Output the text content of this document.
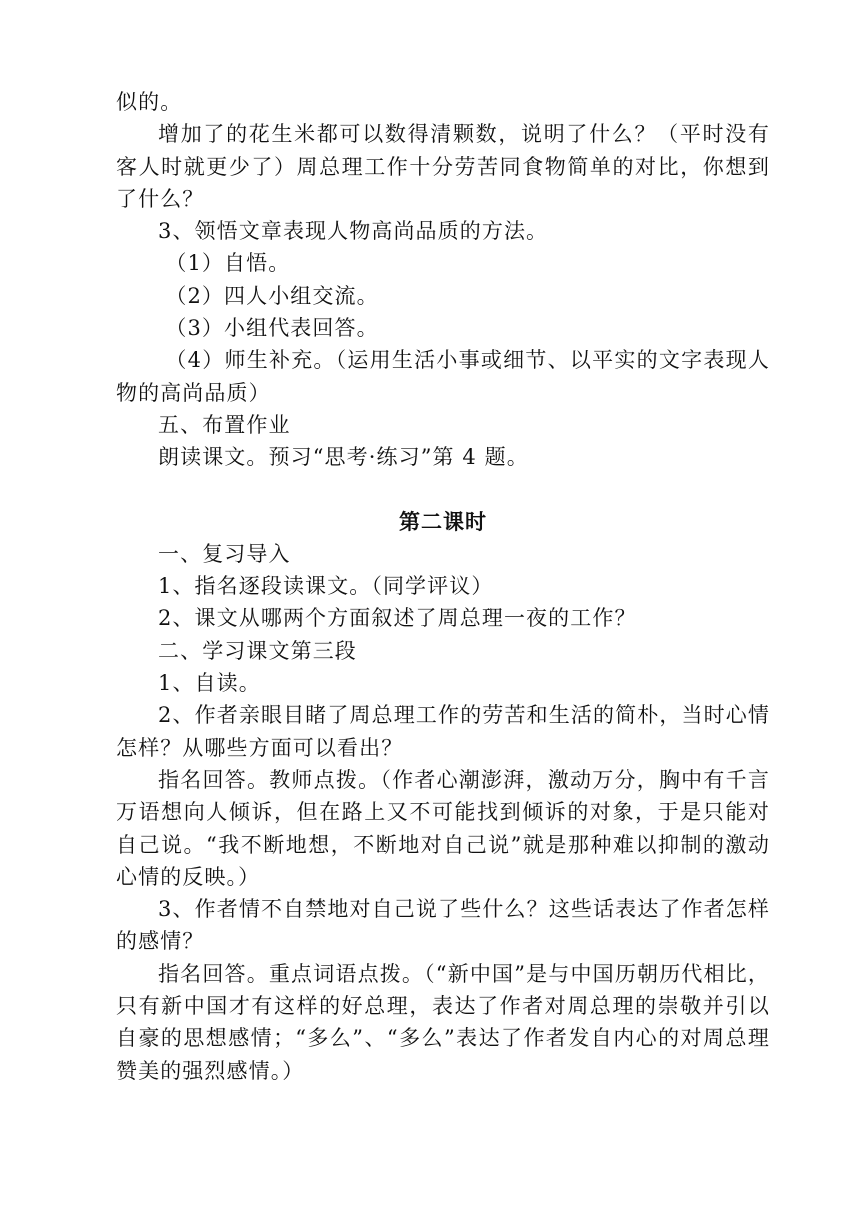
似的。

增加了的花生米都可以数得清颗数，说明了什么？（平时没有客人时就更少了）周总理工作十分劳苦同食物简单的对比，你想到了什么？

3、领悟文章表现人物高尚品质的方法。

（1）自悟。

（2）四人小组交流。

（3）小组代表回答。

（4）师生补充。（运用生活小事或细节、以平实的文字表现人物的高尚品质）

五、布置作业

朗读课文。预习“思考·练习”第 4 题。

第二课时

一、复习导入

1、指名逐段读课文。（同学评议）

2、课文从哪两个方面叙述了周总理一夜的工作？

二、学习课文第三段

1、自读。

2、作者亲眼目睹了周总理工作的劳苦和生活的简朴，当时心情怎样？从哪些方面可以看出？

指名回答。教师点拨。（作者心潮澎湃，激动万分，胸中有千言万语想向人倾诉，但在路上又不可能找到倾诉的对象，于是只能对自己说。“我不断地想，不断地对自己说”就是那种难以抑制的激动心情的反映。）

3、作者情不自禁地对自己说了些什么？这些话表达了作者怎样的感情？

指名回答。重点词语点拨。（“新中国”是与中国历朝历代相比，只有新中国才有这样的好总理，表达了作者对周总理的崇敬并引以自豪的思想感情；“多么”、“多么”表达了作者发自内心的对周总理赞美的强烈感情。）
